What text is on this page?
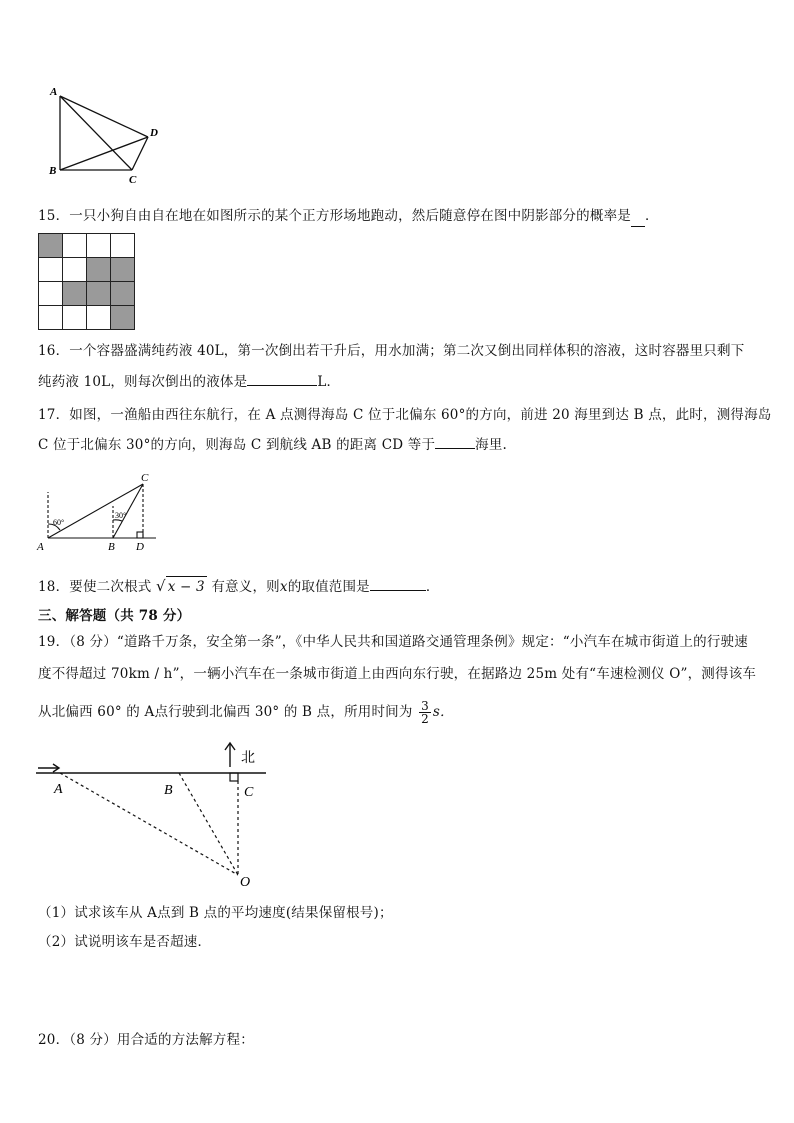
A
B
C
D
15．一只小狗自由自在地在如图所示的某个正方形场地跑动，然后随意停在图中阴影部分的概率是 ．

16．一个容器盛满纯药液 40L，第一次倒出若干升后，用水加满；第二次又倒出同样体积的溶液，这时容器里只剩下
纯药液 10L，则每次倒出的液体是	L．
17．如图，一渔船由西往东航行，在 A 点测得海岛 C 位于北偏东 60°的方向，前进 20 海里到达 B 点，此时，测得海岛
C 位于北偏东 30°的方向，则海岛 C 到航线 AB 的距离 CD 等于	海里.
60°
30°
A	B D
C
18．要使二次根式 √ x − 3 有意义，则x的取值范围是	．
三、解答题（共 78 分）
19．（8 分）“道路千万条，安全第一条”，《中华人民共和国道路交通管理条例》规定：“小汽车在城市街道上的行驶速
度不得超过 70km / h”，一辆小汽车在一条城市街道上由西向东行驶，在据路边 25m 处有“车速检测仪 O”，测得该车
从北偏西 60° 的 A点行驶到北偏西 30° 的 B 点，所用时间为 $\frac{3}{2}$ s．
北
A	B	C
O
（1）试求该车从 A点到 B 点的平均速度(结果保留根号)；
（2）试说明该车是否超速．
20．（8 分）用合适的方法解方程：
